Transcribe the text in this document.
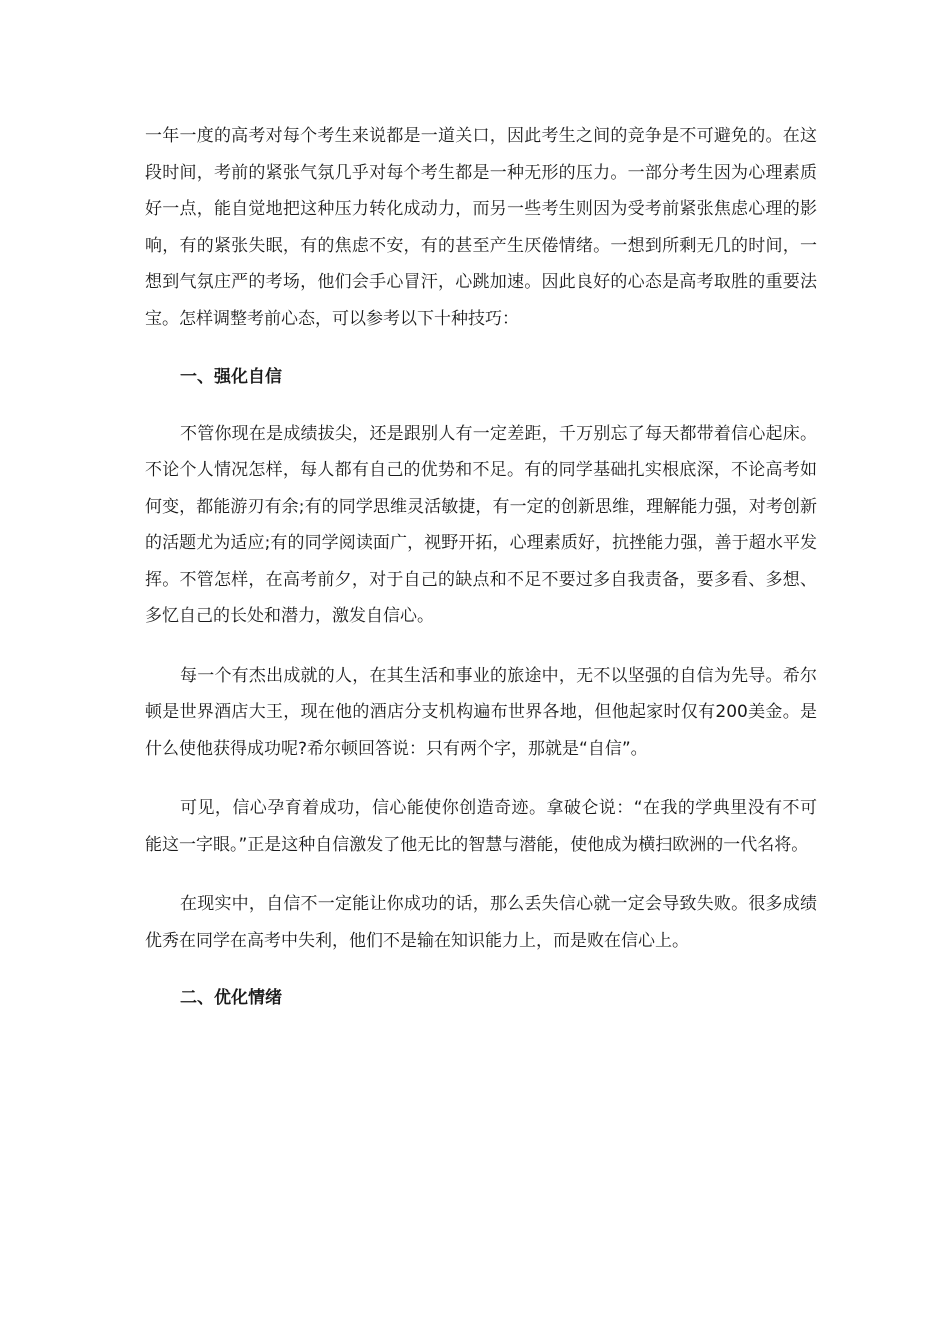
一年一度的高考对每个考生来说都是一道关口，因此考生之间的竞争是不可避免的。在这段时间，考前的紧张气氛几乎对每个考生都是一种无形的压力。一部分考生因为心理素质好一点，能自觉地把这种压力转化成动力，而另一些考生则因为受考前紧张焦虑心理的影响，有的紧张失眠，有的焦虑不安，有的甚至产生厌倦情绪。一想到所剩无几的时间，一想到气氛庄严的考场，他们会手心冒汗，心跳加速。因此良好的心态是高考取胜的重要法 宝。怎样调整考前心态，可以参考以下十种技巧：

一、强化自信

不管你现在是成绩拔尖，还是跟别人有一定差距，千万别忘了每天都带着信心起床。不论个人情况怎样，每人都有自己的优势和不足。有的同学基础扎实根底深，不论高考如何变，都能游刃有余;有的同学思维灵活敏捷，有一定的创新思维，理解能力强，对考创新的活题尤为适应;有的同学阅读面广，视野开拓，心理素质好，抗挫能力强，善于超水平发挥。不管怎样，在高考前夕，对于自己的缺点和不足不要过多自我责备，要多看、多想、多忆自己的长处和潜力，激发自信心。

每一个有杰出成就的人，在其生活和事业的旅途中，无不以坚强的自信为先导。希尔顿是世界酒店大王，现在他的酒店分支机构遍布世界各地，但他起家时仅有200美金。是什么使他获得成功呢?希尔顿回答说：只有两个字，那就是“自信”。

可见，信心孕育着成功，信心能使你创造奇迹。拿破仑说：“在我的学典里没有不可能这一字眼。”正是这种自信激发了他无比的智慧与潜能，使他成为横扫欧洲的一代名将。

在现实中，自信不一定能让你成功的话，那么丢失信心就一定会导致失败。很多成绩优秀在同学在高考中失利，他们不是输在知识能力上，而是败在信心上。

二、优化情绪
